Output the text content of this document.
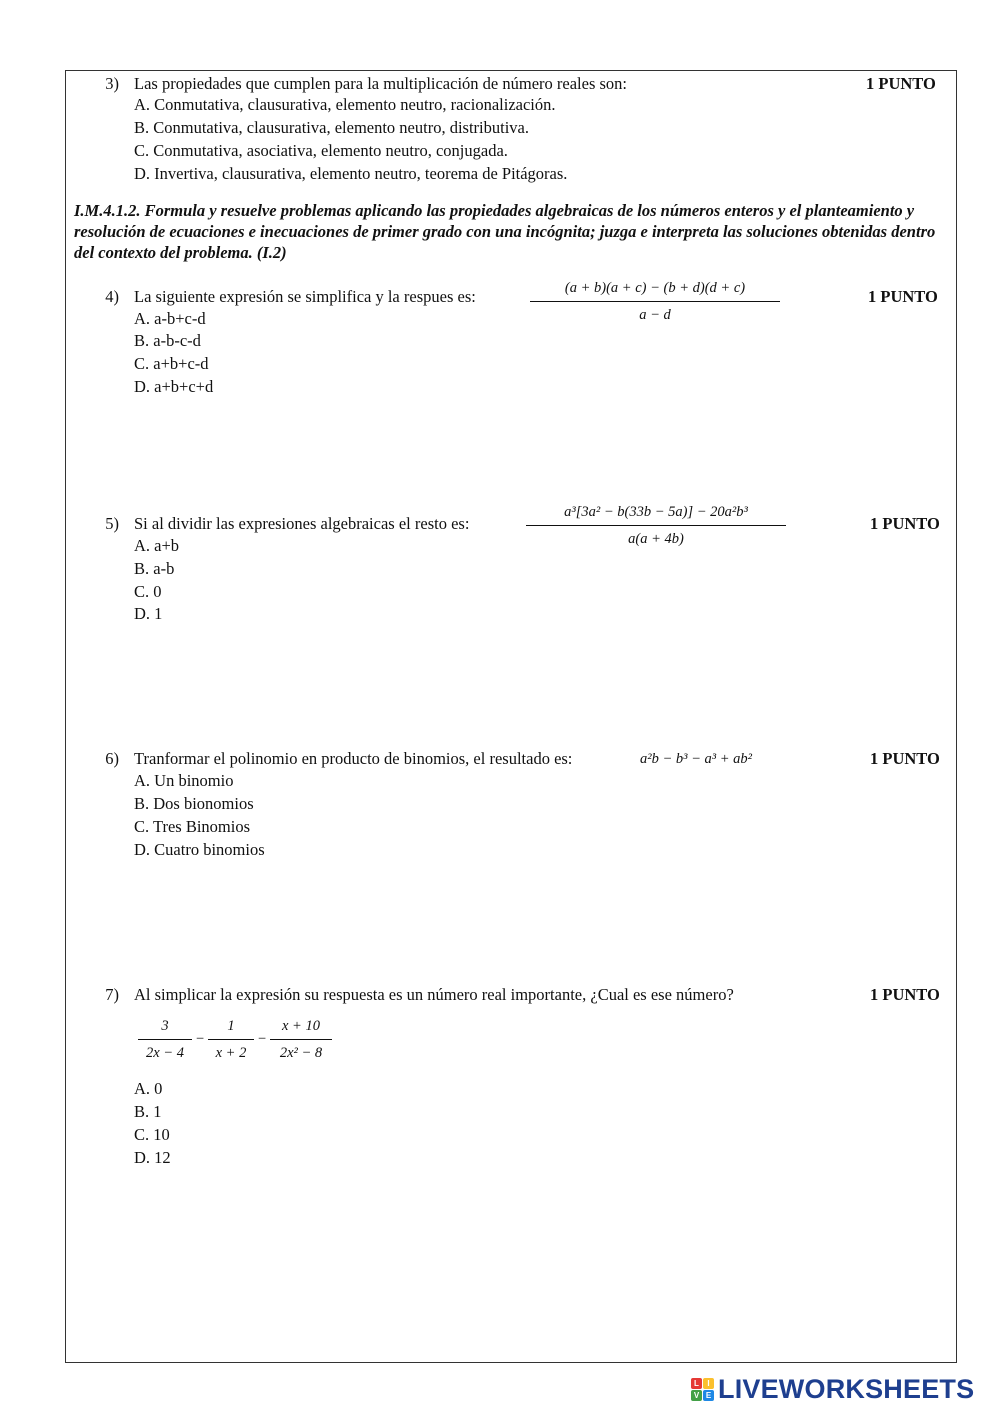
3) Las propiedades que cumplen para la multiplicación de número reales son:	1 PUNTO
A. Conmutativa, clausurativa, elemento neutro, racionalización.
B. Conmutativa, clausurativa, elemento neutro, distributiva.
C. Conmutativa, asociativa, elemento neutro, conjugada.
D. Invertiva, clausurativa, elemento neutro, teorema de Pitágoras.
I.M.4.1.2. Formula y resuelve problemas aplicando las propiedades algebraicas de los números enteros y el planteamiento y resolución de ecuaciones e inecuaciones de primer grado con una incógnita; juzga e interpreta las soluciones obtenidas dentro del contexto del problema. (I.2)
4) La siguiente expresión se simplifica y la respues es:	$\frac{(a + b)(a + c) - (b + d)(d + c)}{a - d}$	1 PUNTO
A. a-b+c-d
B. a-b-c-d
C. a+b+c-d
D. a+b+c+d
5) Si al dividir las expresiones algebraicas el resto es:	$\frac{\text{a³[3a² − b(33b − 5a)] − 20a²b³}}{a(a + 4b)}$	1 PUNTO
A. a+b
B. a-b
C. 0
D. 1
6) Tranformar el polinomio en producto de binomios, el resultado es:	a²b − b³ − a³ + ab²	1 PUNTO
A. Un binomio
B. Dos bionomios
C. Tres Binomios
D. Cuatro binomios
7) Al simplicar la expresión su respuesta es un número real importante, ¿Cual es ese número?	1 PUNTO
$\frac{3}{2x - 4} - \frac{1}{x + 2} - \frac{x + 10}{\text{2x² − 8}}$
A. 0
B. 1
C. 10
D. 12
L	I
V E LIVEWORKSHEETS
